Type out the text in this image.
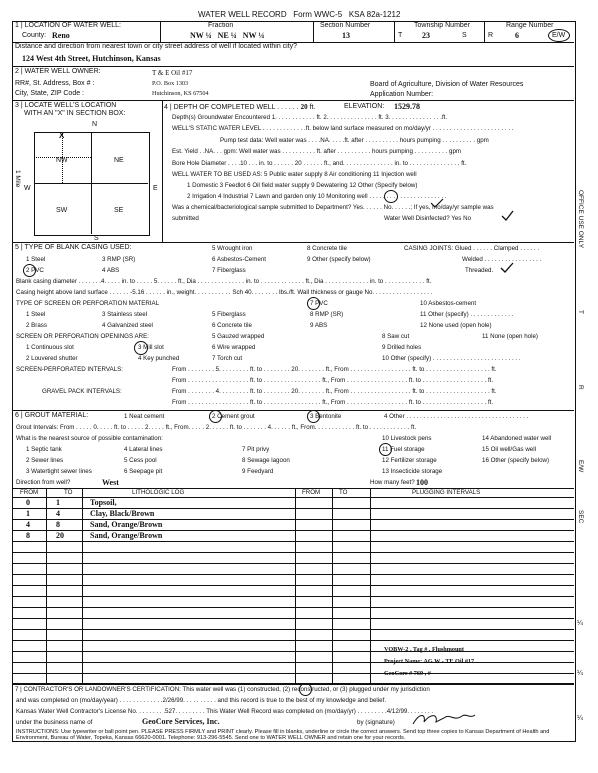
WATER WELL RECORD Form WWC-5 KSA 82a-1212
1 | LOCATION OF WATER WELL:
County: Reno
Fraction
NW ¼ NE ¼ NW ¼
Section Number
13
Township Number
T 23	S
Range Number
R	6	E/W
Distance and direction from nearest town or city street address of well if located within city?
124 West 4th Street, Hutchinson, Kansas
2 | WATER WELL OWNER:	T & E Oil #17
RR#, St. Address, Box # :	P.O. Box 1303	Board of Agriculture, Division of Water Resources
City, State, ZIP Code :	Hutchinson, KS 67504	Application Number:
3 | LOCATE WELL'S LOCATION
WITH AN "X" IN SECTION BOX:
N
S
W	E
1 Mile
X
NW	NE
SW	SE
4 | DEPTH OF COMPLETED WELL . . . . . . 20 ft.	ELEVATION: 1529.78
Depth(s) Groundwater Encountered 1. . . . . . . . . . . . ft. 2. . . . . . . . . . . . . . . ft. 3. . . . . . . . . . . . . . . .ft.
WELL'S STATIC WATER LEVEL . . . . . . . . . . . . .ft. below land surface measured on mo/day/yr . . . . . . . . . . . . . . . . . . . . . . . .
Pump test data: Well water was . . . .NA. . . . .ft. after . . . . . . . . . . hours pumping . . . . . . . . . . gpm
Est. Yield . .NA. . . gpm: Well water was . . . . . . . . . . ft. after . . . . . . . . . . hours pumping . . . . . . . . . . gpm
Bore Hole Diameter . . . .10 . . . in. to . . . . . . 20 . . . . . . ft., and. . . . . . . . . . . . . . . in. to . . . . . . . . . . . . . . . ft.
WELL WATER TO BE USED AS: 5 Public water supply 8 Air conditioning 11 Injection well
1 Domestic 3 Feedlot 6 Oil field water supply 9 Dewatering 12 Other (Specify below)
2 Irrigation 4 Industrial 7 Lawn and garden only 10 Monitoring well . . . . . . . . . . . . . . . . . . . . . . .
Was a chemical/bacteriological sample submitted to Department? Yes. . . . . . No. . . . . .; If yes, mo/day/yr sample was
submitted	Water Well Disinfected? Yes No
5 | TYPE OF BLANK CASING USED:	5 Wrought iron	8 Concrete tile	CASING JOINTS: Glued . . . . . . Clamped . . . . . .
1 Steel	3 RMP (SR)	6 Asbestos-Cement	9 Other (specify below)	Welded . . . . . . . . . . . . . . . . .
2 PVC	4 ABS	7 Fiberglass	Threaded.
Blank casing diameter . . . . . . .4. . . . . in. to . . . . . 5. . . . . . ft., Dia . . . . . . . . . . . . . . in. to . . . . . . . . . . . . . ft., Dia . . . . . . . . . . . . . in. to . . . . . . . . . . . . ft.
Casing height above land surface . . . . . . -5.16 . . . . . . in., weight. . . . . . . . . . . Sch 40. . . . . . . . lbs./ft. Wall thickness or gauge No. . . . . . . . . . . . . . . . . .
TYPE OF SCREEN OR PERFORATION MATERIAL	7 PVC	10 Asbestos-cement
1 Steel	3 Stainless steel	5 Fiberglass	8 RMP (SR)	11 Other (specify) . . . . . . . . . . . . .
2 Brass	4 Galvanized steel	6 Concrete tile	9 ABS	12 None used (open hole)
SCREEN OR PERFORATION OPENINGS ARE:	5 Gauzed wrapped	8 Saw cut	11 None (open hole)
1 Continuous slot	3 Mill slot	6 Wire wrapped	9 Drilled holes
2 Louvered shutter	4 Key punched	7 Torch cut	10 Other (specify) . . . . . . . . . . . . . . . . . . . . . . . . . .
SCREEN-PERFORATED INTERVALS:	From . . . . . . . . 5. . . . . . . . . ft. to . . . . . . . . 20. . . . . . . . ft., From . . . . . . . . . . . . . . . . . . ft. to . . . . . . . . . . . . . . . . . . . ft.
From . . . . . . . . . . . . . . . . . . ft. to . . . . . . . . . . . . . . . . . ft., From . . . . . . . . . . . . . . . . . . ft. to . . . . . . . . . . . . . . . . . . . ft.
GRAVEL PACK INTERVALS:	From . . . . . . . . 4. . . . . . . . . ft. to . . . . . . . . 20. . . . . . . . ft., From . . . . . . . . . . . . . . . . . . ft. to . . . . . . . . . . . . . . . . . . . ft.
From . . . . . . . . . . . . . . . . . . ft. to . . . . . . . . . . . . . . . . . ft., From . . . . . . . . . . . . . . . . . . ft. to . . . . . . . . . . . . . . . . . . . ft.
6 | GROUT MATERIAL:	1 Neat cement	2 Cement grout	3 Bentonite	4 Other . . . . . . . . . . . . . . . . . . . . . . . . . . . . . . . . . . . .
Grout Intervals: From . . . . . 0. . . . . ft. to . . . . . 2. . . . . ft., From. . . . . 2. . . . . . ft. to . . . . . . . 4. . . . . . ft., From. . . . . . . . . . . . ft. to . . . . . . . . . . . . ft.
What is the nearest source of possible contamination:	10 Livestock pens	14 Abandoned water well
1 Septic tank	4 Lateral lines	7 Pit privy	11 Fuel storage	15 Oil well/Gas well
2 Sewer lines	5 Cess pool	8 Sewage lagoon	12 Fertilizer storage	16 Other (specify below)
3 Watertight sewer lines	6 Seepage pit	9 Feedyard	13 Insecticide storage
Direction from well?	West	How many feet? 100
FROM	TO	LITHOLOGIC LOG	FROM	TO	PLUGGING INTERVALS
0	1	Topsoil,
1	4	Clay, Black/Brown
4	8	Sand, Orange/Brown
8	20	Sand, Orange/Brown
VOBW-2 , Tag # , Flushmount
Project Name: AG W - TE Oil #17
GeoCore # 769 , #
7 | CONTRACTOR'S OR LANDOWNER'S CERTIFICATION: This water well was (1) constructed, (2) reconstructed, or (3) plugged under my jurisdiction
and was completed on (mo/day/year) . . . . . . . . . . . . .2/26/99. . . . . . . . . . and this record is true to the best of my knowledge and belief.
Kansas Water Well Contractor's License No. . . . . . . . .527. . . . . . . . . This Water Well Record was completed on (mo/day/yr) . . . . . . . . .4/12/99. . . . . . . .
under the business name of	GeoCore Services, Inc.	by (signature)
INSTRUCTIONS: Use typewriter or ball point pen. PLEASE PRESS FIRMLY and PRINT clearly. Please fill in blanks, underline or circle the correct answers. Send top three copies to Kansas Department of Health and Environment, Bureau of Water, Topeka, Kansas 66620-0001. Telephone: 913-296-5545. Send one to WATER WELL OWNER and retain one for your records.
OFFICE USE ONLY
T
R
E/W
SEC
¼
¼
¼
